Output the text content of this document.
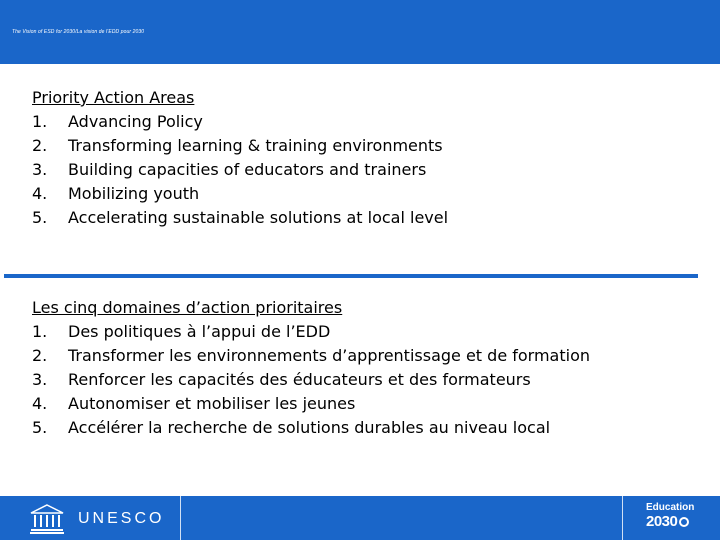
The Vision of ESD for 2030/La vision de l’EDD pour 2030
Priority Action Areas
1.	Advancing Policy
2.	Transforming learning & training environments
3.	Building capacities of educators and trainers
4.	Mobilizing youth
5.	Accelerating sustainable solutions at local level
Les cinq domaines d’action prioritaires
1.	Des politiques à l’appui de l’EDD
2.	Transformer les environnements d’apprentissage et de formation
3.	Renforcer les capacités des éducateurs et des formateurs
4.	Autonomiser et mobiliser les jeunes
5.	Accélérer la recherche de solutions durables au niveau local
UNESCO
Education
2030
